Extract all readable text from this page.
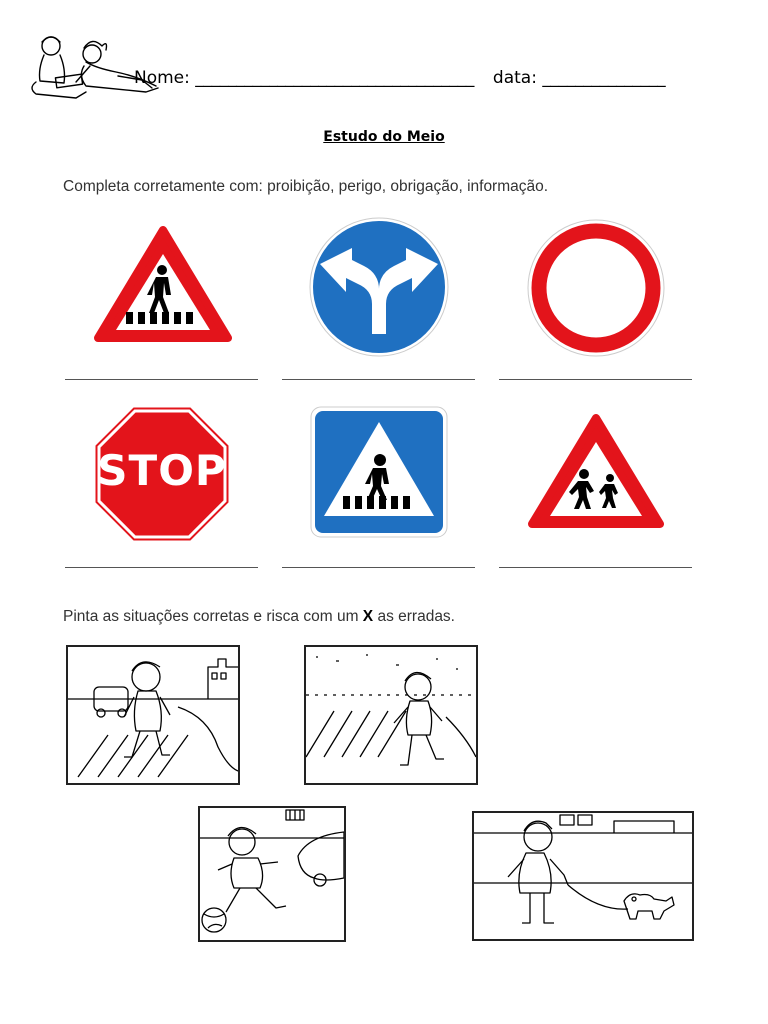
Nome: __________________________________ data: _______________
Estudo do Meio
Completa corretamente com: proibição, perigo, obrigação, informação.
STOP
Pinta as situações corretas e risca com um X as erradas.
